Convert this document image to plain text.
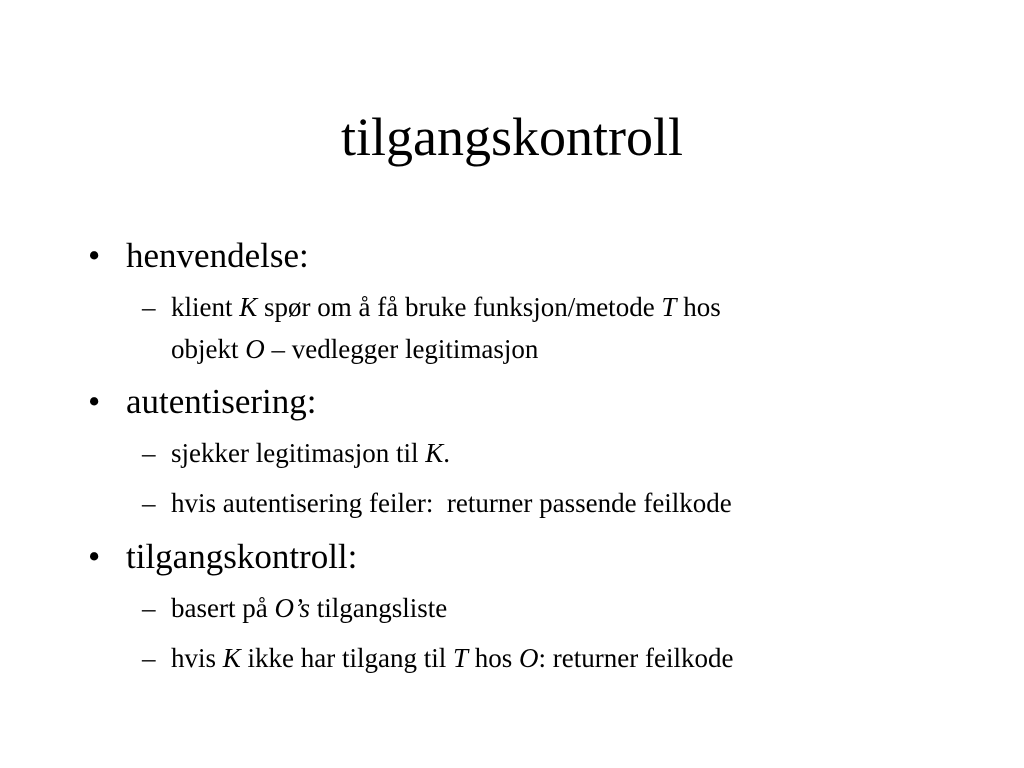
tilgangskontroll
• henvendelse:
– klient K spør om å få bruke funksjon/metode T hos
objekt O – vedlegger legitimasjon
• autentisering:
– sjekker legitimasjon til K.
– hvis autentisering feiler:  returner passende feilkode
• tilgangskontroll:
– basert på O’s tilgangsliste
– hvis K ikke har tilgang til T hos O: returner feilkode
